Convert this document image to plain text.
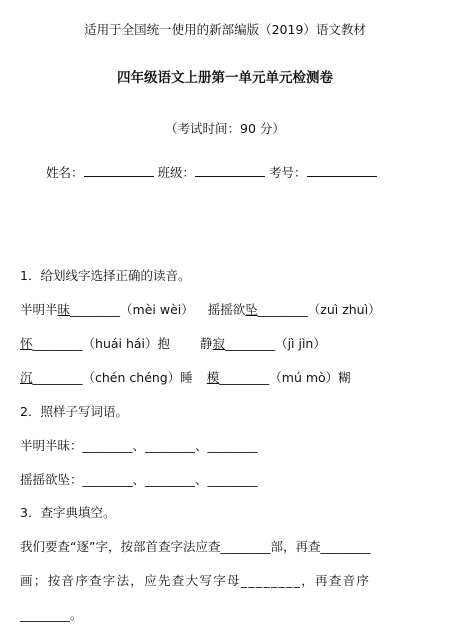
适用于全国统一使用的新部编版（2019）语文教材
四年级语文上册第一单元单元检测卷
（考试时间：90 分）
姓名：	班级：	考号：
1．给划线字选择正确的读音。
半明半昧________（mèi wèi） 摇摇欲坠________（zuì zhuì）
怀________（huái hái）抱 静寂________（jì jìn）
沉________（chén chéng）睡 模________（mú mò）糊
2．照样子写词语。
半明半昧：________、________、________
摇摇欲坠：________、________、________
3．查字典填空。
我们要查“逐”字，按部首查字法应查________部，再查________
画；按音序查字法，应先查大写字母________，再查音序
________。
